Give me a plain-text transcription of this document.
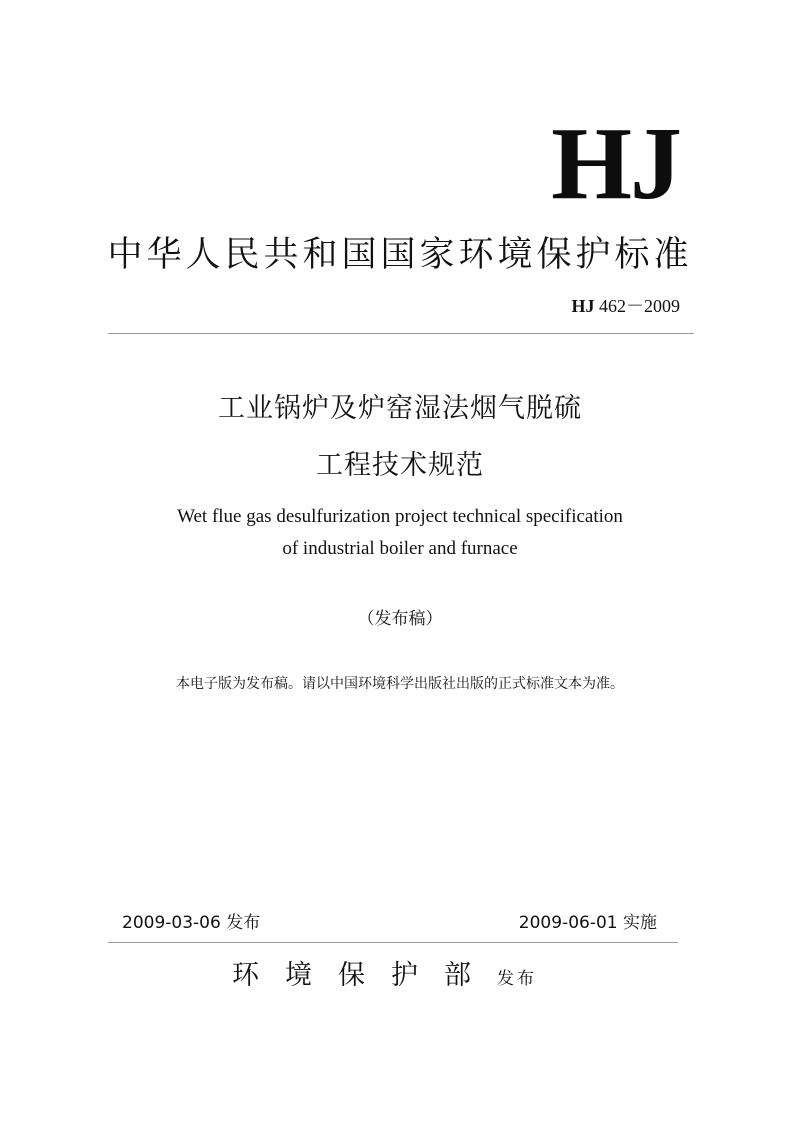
HJ
中华人民共和国国家环境保护标准
HJ 462－2009
工业锅炉及炉窑湿法烟气脱硫
工程技术规范
Wet flue gas desulfurization project technical specification
of industrial boiler and furnace
（发布稿）
本电子版为发布稿。请以中国环境科学出版社出版的正式标准文本为准。
2009-03-06 发布	2009-06-01 实施
环境保护部 发布
